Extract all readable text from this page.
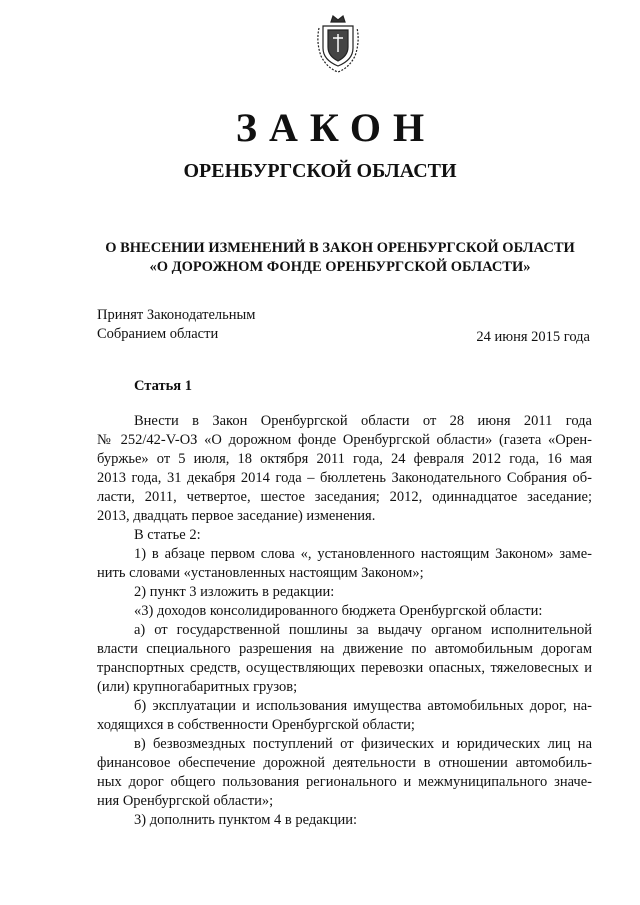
ЗАКОН
ОРЕНБУРГСКОЙ ОБЛАСТИ
О ВНЕСЕНИИ ИЗМЕНЕНИЙ В ЗАКОН ОРЕНБУРГСКОЙ ОБЛАСТИ
«О ДОРОЖНОМ ФОНДЕ ОРЕНБУРГСКОЙ ОБЛАСТИ»
Принят Законодательным
Собранием области	24 июня 2015 года
Статья 1
Внести в Закон Оренбургской области от 28 июня 2011 года
№ 252/42-V-ОЗ «О дорожном фонде Оренбургской области» (газета «Орен-
буржье» от 5 июля, 18 октября 2011 года, 24 февраля 2012 года, 16 мая
2013 года, 31 декабря 2014 года – бюллетень Законодательного Собрания об-
ласти, 2011, четвертое, шестое заседания; 2012, одиннадцатое заседание;
2013, двадцать первое заседание) изменения.
В статье 2:
1) в абзаце первом слова «, установленного настоящим Законом» заме-
нить словами «установленных настоящим Законом»;
2) пункт 3 изложить в редакции:
«3) доходов консолидированного бюджета Оренбургской области:
а) от государственной пошлины за выдачу органом исполнительной
власти специального разрешения на движение по автомобильным дорогам
транспортных средств, осуществляющих перевозки опасных, тяжеловесных и
(или) крупногабаритных грузов;
б) эксплуатации и использования имущества автомобильных дорог, на-
ходящихся в собственности Оренбургской области;
в) безвозмездных поступлений от физических и юридических лиц на
финансовое обеспечение дорожной деятельности в отношении автомобиль-
ных дорог общего пользования регионального и межмуниципального значе-
ния Оренбургской области»;
3) дополнить пунктом 4 в редакции:
